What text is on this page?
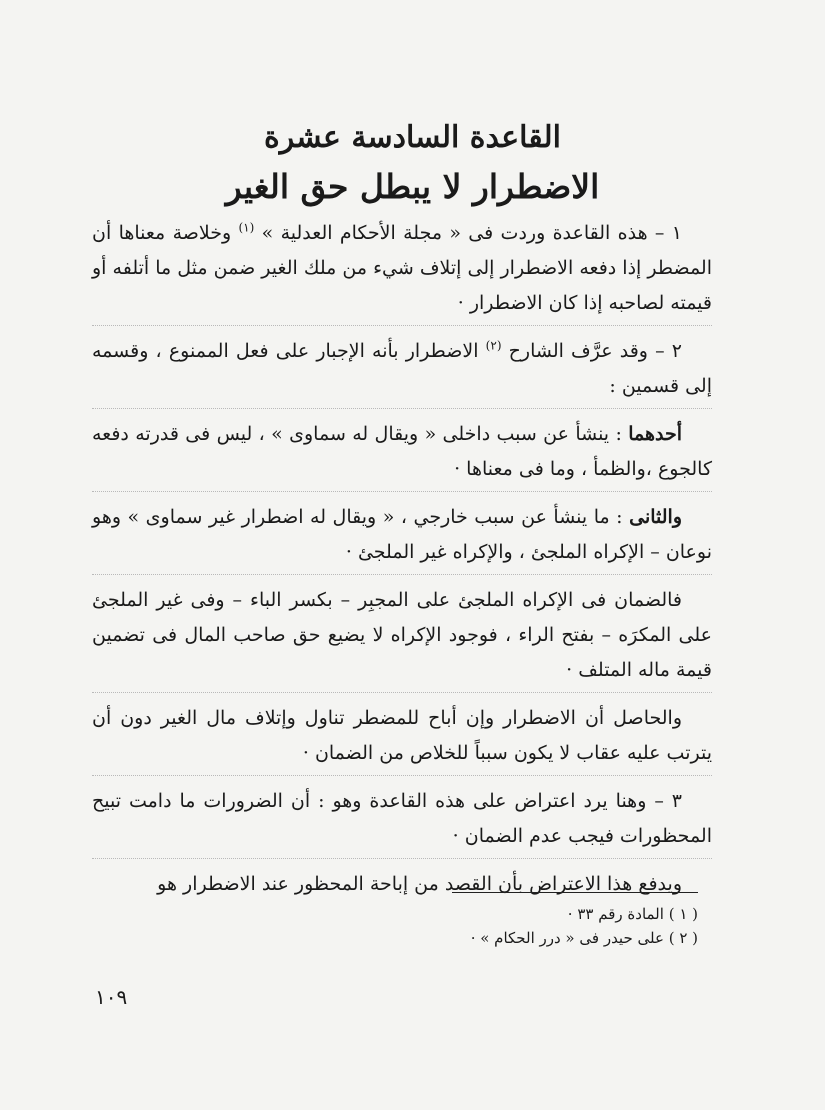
القاعدة السادسة عشرة
الاضطرار لا يبطل حق الغير

١ – هذه القاعدة وردت فى « مجلة الأحكام العدلية » $^{(١)}$ وخلاصة معناها أن المضطر إذا دفعه الاضطرار إلى إتلاف شيء من ملك الغير ضمن مثل ما أتلفه أو قيمته لصاحبه إذا كان الاضطرار ·

٢ – وقد عرَّف الشارح $^{(٢)}$ الاضطرار بأنه الإجبار على فعل الممنوع ، وقسمه إلى قسمين :

أحدهما : ينشأ عن سبب داخلى « ويقال له سماوى » ، ليس فى قدرته دفعه كالجوع ،والظمأ ، وما فى معناها ·

والثانى : ما ينشأ عن سبب خارجي ، « ويقال له اضطرار غير سماوى » وهو نوعان – الإكراه الملجئ ، والإكراه غير الملجئ ·

فالضمان فى الإكراه الملجئ على المجبِر – بكسر الباء – وفى غير الملجئ على المكرَه – بفتح الراء ، فوجود الإكراه لا يضيع حق صاحب المال فى تضمين قيمة ماله المتلف ·

والحاصل أن الاضطرار وإن أباح للمضطر تناول وإتلاف مال الغير دون أن يترتب عليه عقاب لا يكون سبباً للخلاص من الضمان ·

٣ – وهنا يرد اعتراض على هذه القاعدة وهو : أن الضرورات ما دامت تبيح المحظورات فيجب عدم الضمان ·

ويدفع هذا الاعتراض بأن القصد من إباحة المحظور عند الاضطرار هو

( ١ ) المادة رقم ٣٣ ·

( ٢ ) على حيدر فى « درر الحكام » ·

١٠٩
